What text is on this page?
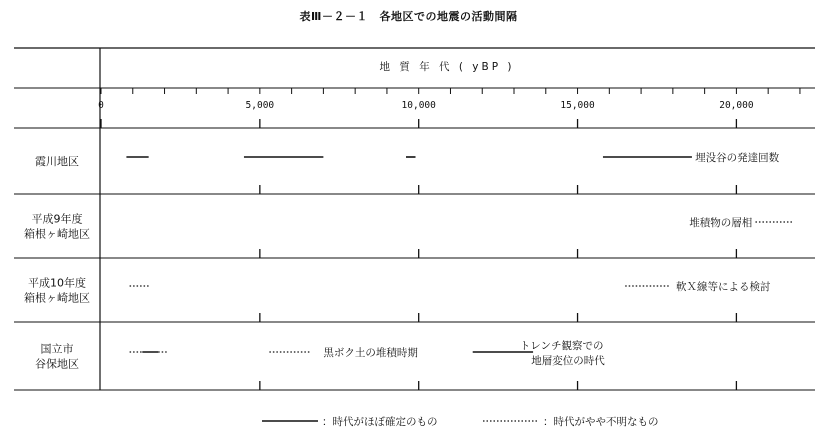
表Ⅲ－２－１　各地区での地震の活動間隔
地 質 年 代 ( yBP )
0	5,000	10,000	15,000	20,000
霞川地区	埋没谷の発達回数
平成9年度
箱根ヶ崎地区
堆積物の層相
平成10年度
箱根ヶ崎地区
軟Ｘ線等による検討
国立市
谷保地区
黒ボク土の堆積時期
トレンチ観察での
地層変位の時代
：時代がほぼ確定のもの	：時代がやや不明なもの
